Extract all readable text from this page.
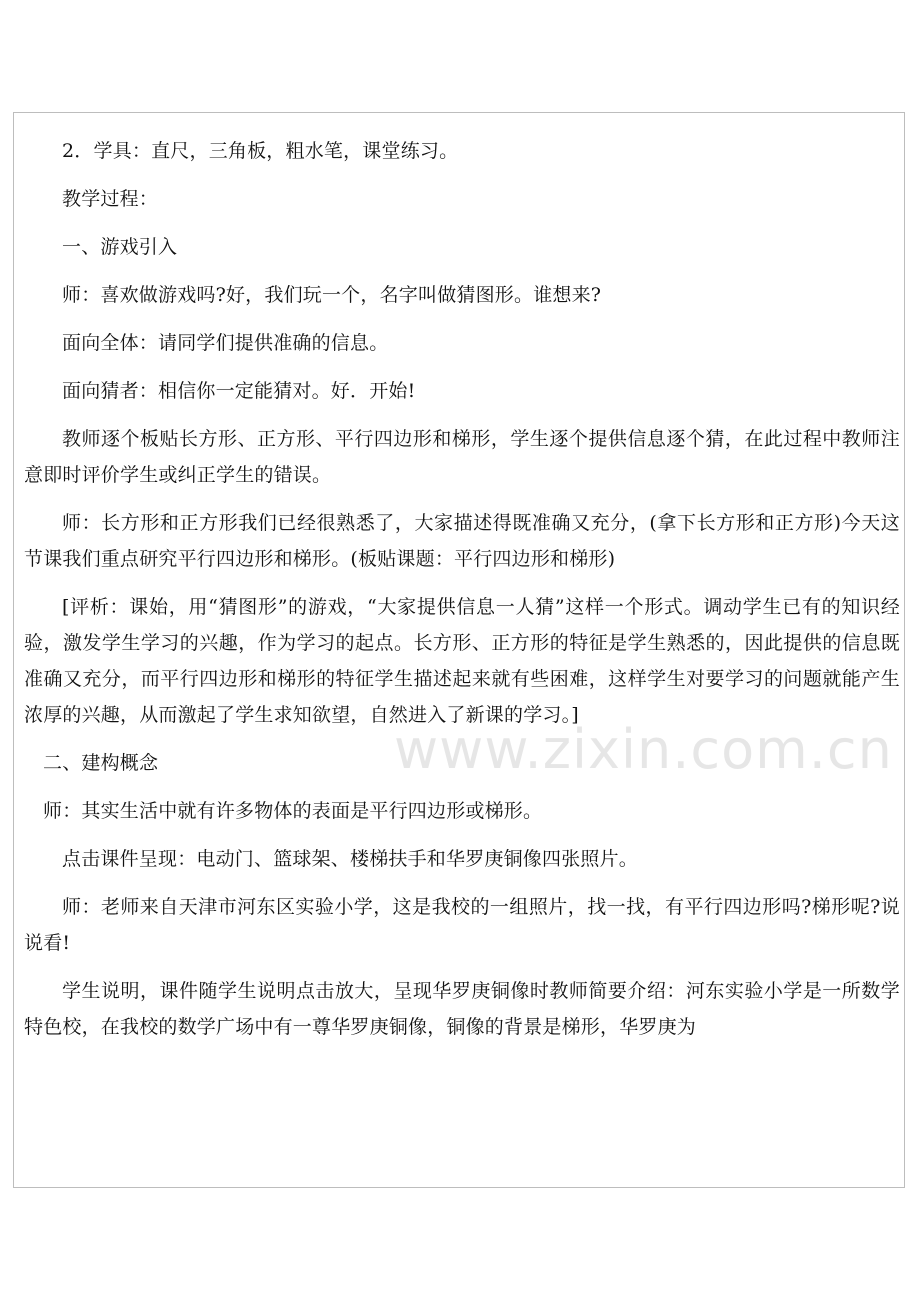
www.zixin.com.cn

2．学具：直尺，三角板，粗水笔，课堂练习。

教学过程：

一、游戏引入

师：喜欢做游戏吗?好，我们玩一个，名字叫做猜图形。谁想来?

面向全体：请同学们提供准确的信息。

面向猜者：相信你一定能猜对。好．开始!

教师逐个板贴长方形、正方形、平行四边形和梯形，学生逐个提供信息逐个猜，在此过程中教师注意即时评价学生或纠正学生的错误。

师：长方形和正方形我们已经很熟悉了，大家描述得既准确又充分，(拿下长方形和正方形)今天这节课我们重点研究平行四边形和梯形。(板贴课题：平行四边形和梯形)

[评析：课始，用“猜图形”的游戏，“大家提供信息一人猜”这样一个形式。调动学生已有的知识经验，激发学生学习的兴趣，作为学习的起点。长方形、正方形的特征是学生熟悉的，因此提供的信息既准确又充分，而平行四边形和梯形的特征学生描述起来就有些困难，这样学生对要学习的问题就能产生浓厚的兴趣，从而激起了学生求知欲望，自然进入了新课的学习。]

二、建构概念

师：其实生活中就有许多物体的表面是平行四边形或梯形。

点击课件呈现：电动门、篮球架、楼梯扶手和华罗庚铜像四张照片。

师：老师来自天津市河东区实验小学，这是我校的一组照片，找一找，有平行四边形吗?梯形呢?说说看!

学生说明，课件随学生说明点击放大，呈现华罗庚铜像时教师简要介绍：河东实验小学是一所数学特色校，在我校的数学广场中有一尊华罗庚铜像，铜像的背景是梯形，华罗庚为
